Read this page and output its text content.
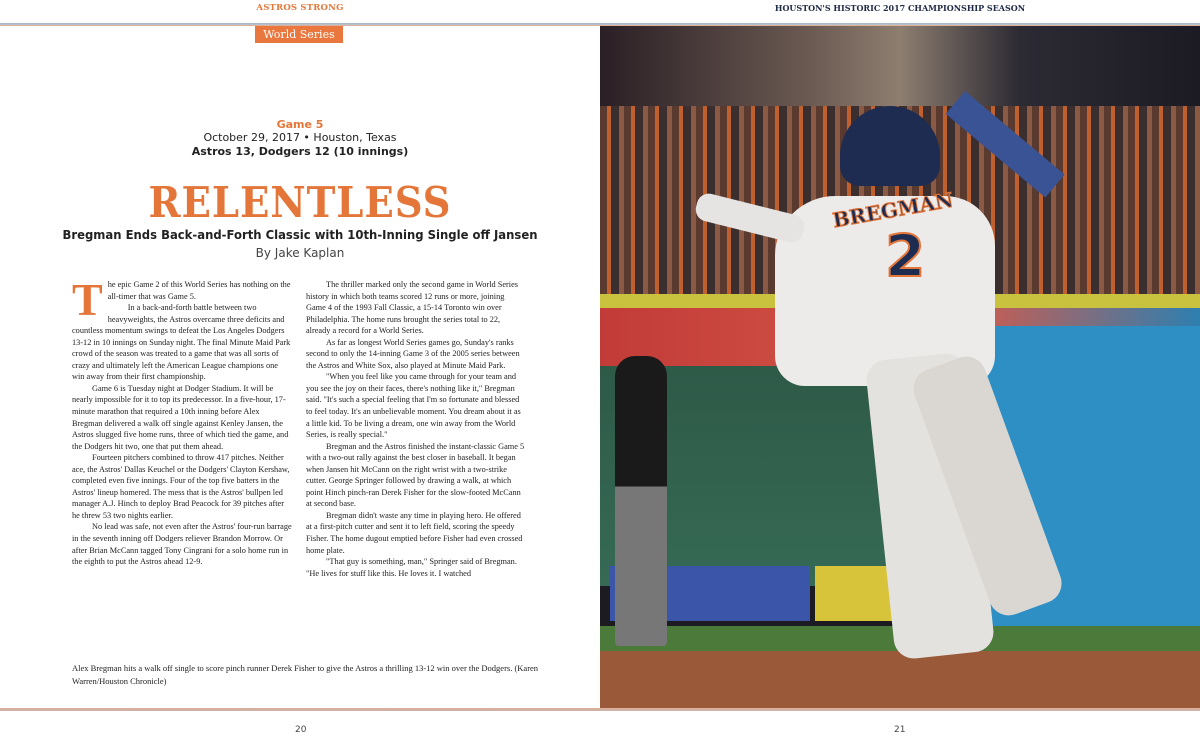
ASTROS STRONG	HOUSTON'S HISTORIC 2017 CHAMPIONSHIP SEASON
World Series
Game 5
October 29, 2017 • Houston, Texas
Astros 13, Dodgers 12 (10 innings)
RELENTLESS
Bregman Ends Back-and-Forth Classic with 10th-Inning Single off Jansen
By Jake Kaplan

The epic Game 2 of this World Series has nothing on the all-timer that was Game 5.

In a back-and-forth battle between two heavyweights, the Astros overcame three deficits and countless momentum swings to defeat the Los Angeles Dodgers 13-12 in 10 innings on Sunday night. The final Minute Maid Park crowd of the season was treated to a game that was all sorts of crazy and ultimately left the American League champions one win away from their first championship.

Game 6 is Tuesday night at Dodger Stadium. It will be nearly impossible for it to top its predecessor. In a five-hour, 17-minute marathon that required a 10th inning before Alex Bregman delivered a walk off single against Kenley Jansen, the Astros slugged five home runs, three of which tied the game, and the Dodgers hit two, one that put them ahead.

Fourteen pitchers combined to throw 417 pitches. Neither ace, the Astros' Dallas Keuchel or the Dodgers' Clayton Kershaw, completed even five innings. Four of the top five batters in the Astros' lineup homered. The mess that is the Astros' bullpen led manager A.J. Hinch to deploy Brad Peacock for 39 pitches after he threw 53 two nights earlier.

No lead was safe, not even after the Astros' four-run barrage in the seventh inning off Dodgers reliever Brandon Morrow. Or after Brian McCann tagged Tony Cingrani for a solo home run in the eighth to put the Astros ahead 12-9.

The thriller marked only the second game in World Series history in which both teams scored 12 runs or more, joining Game 4 of the 1993 Fall Classic, a 15-14 Toronto win over Philadelphia. The home runs brought the series total to 22, already a record for a World Series.

As far as longest World Series games go, Sunday's ranks second to only the 14-inning Game 3 of the 2005 series between the Astros and White Sox, also played at Minute Maid Park.

"When you feel like you came through for your team and you see the joy on their faces, there's nothing like it," Bregman said. "It's such a special feeling that I'm so fortunate and blessed to feel today. It's an unbelievable moment. You dream about it as a little kid. To be living a dream, one win away from the World Series, is really special."

Bregman and the Astros finished the instant-classic Game 5 with a two-out rally against the best closer in baseball. It began when Jansen hit McCann on the right wrist with a two-strike cutter. George Springer followed by drawing a walk, at which point Hinch pinch-ran Derek Fisher for the slow-footed McCann at second base.

Bregman didn't waste any time in playing hero. He offered at a first-pitch cutter and sent it to left field, scoring the speedy Fisher. The home dugout emptied before Fisher had even crossed home plate.

"That guy is something, man," Springer said of Bregman. "He lives for stuff like this. He loves it. I watched

Alex Bregman hits a walk off single to score pinch runner Derek Fisher to give the Astros a thrilling 13-12 win over the Dodgers. (Karen Warren/Houston Chronicle)
BREGMAN
2
20	21
